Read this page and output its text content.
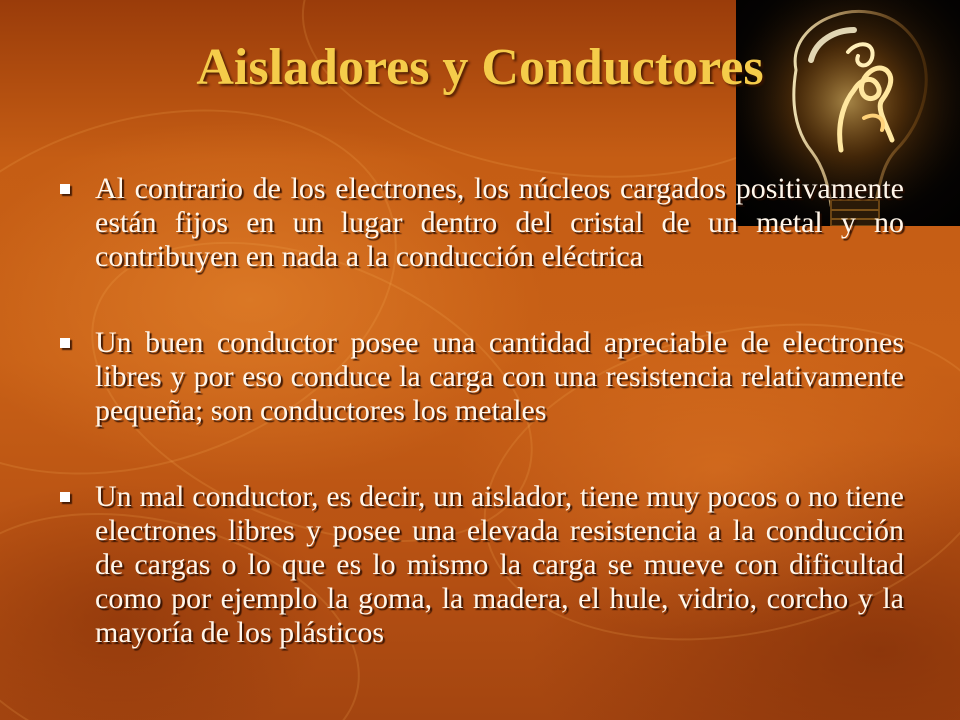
Aisladores y Conductores
Al contrario de los electrones, los núcleos cargados positivamente están fijos en un lugar dentro del cristal de un metal y no contribuyen en nada a la conducción eléctrica
Un buen conductor posee una cantidad apreciable de electrones libres y por eso conduce la carga con una resistencia relativamente pequeña; son conductores los metales
Un mal conductor, es decir, un aislador, tiene muy pocos o no tiene electrones libres y posee una elevada resistencia a la conducción de cargas o lo que es lo mismo la carga se mueve con dificultad como por ejemplo la goma, la madera, el hule, vidrio, corcho y la mayoría de los plásticos
